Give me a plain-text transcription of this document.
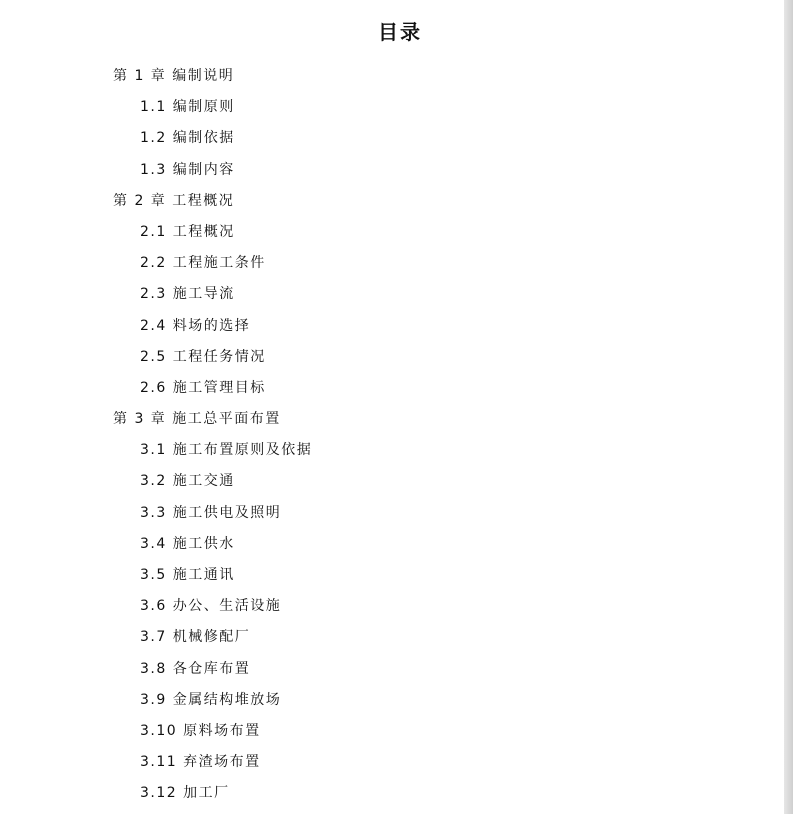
目录
第 1 章 编制说明
1.1 编制原则
1.2 编制依据
1.3 编制内容
第 2 章 工程概况
2.1 工程概况
2.2 工程施工条件
2.3 施工导流
2.4 料场的选择
2.5 工程任务情况
2.6 施工管理目标
第 3 章 施工总平面布置
3.1 施工布置原则及依据
3.2 施工交通
3.3 施工供电及照明
3.4 施工供水
3.5 施工通讯
3.6 办公、生活设施
3.7 机械修配厂
3.8 各仓库布置
3.9 金属结构堆放场
3.10 原料场布置
3.11 弃渣场布置
3.12 加工厂
